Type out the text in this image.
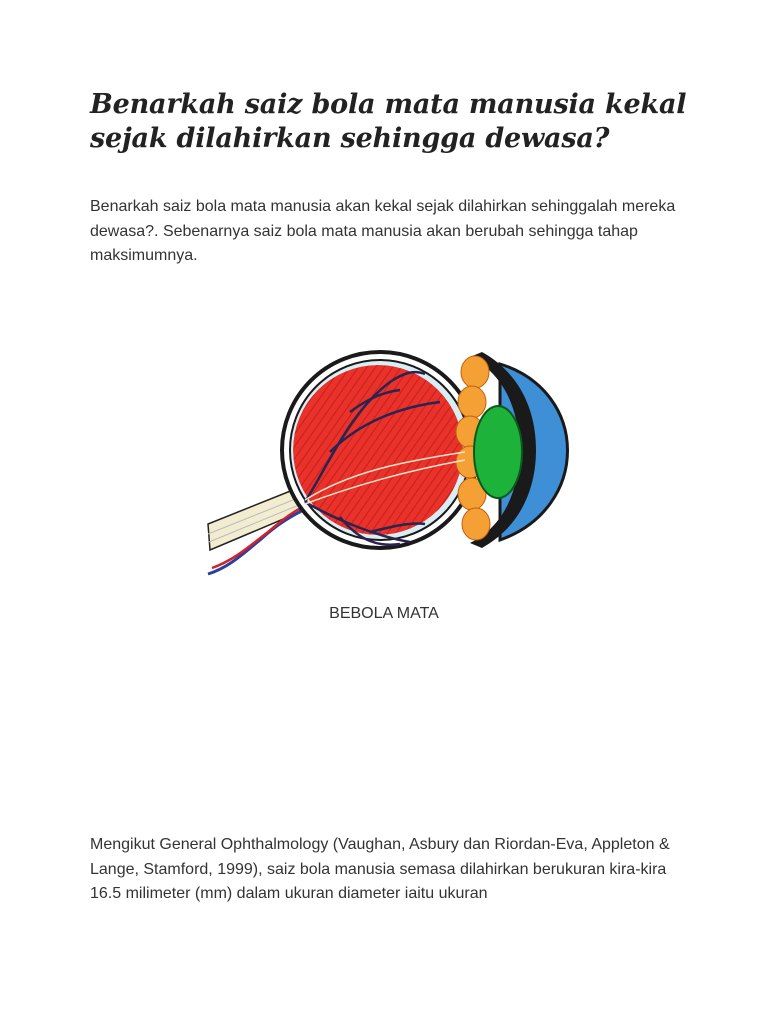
Benarkah saiz bola mata manusia kekal sejak dilahirkan sehingga dewasa?

Benarkah saiz bola mata manusia akan kekal sejak dilahirkan sehinggalah mereka dewasa?. Sebenarnya saiz bola mata manusia akan berubah sehingga tahap maksimumnya.

BEBOLA MATA

Mengikut General Ophthalmology (Vaughan, Asbury dan Riordan-Eva, Appleton & Lange, Stamford, 1999), saiz bola manusia semasa dilahirkan berukuran kira-kira 16.5 milimeter (mm) dalam ukuran diameter iaitu ukuran
